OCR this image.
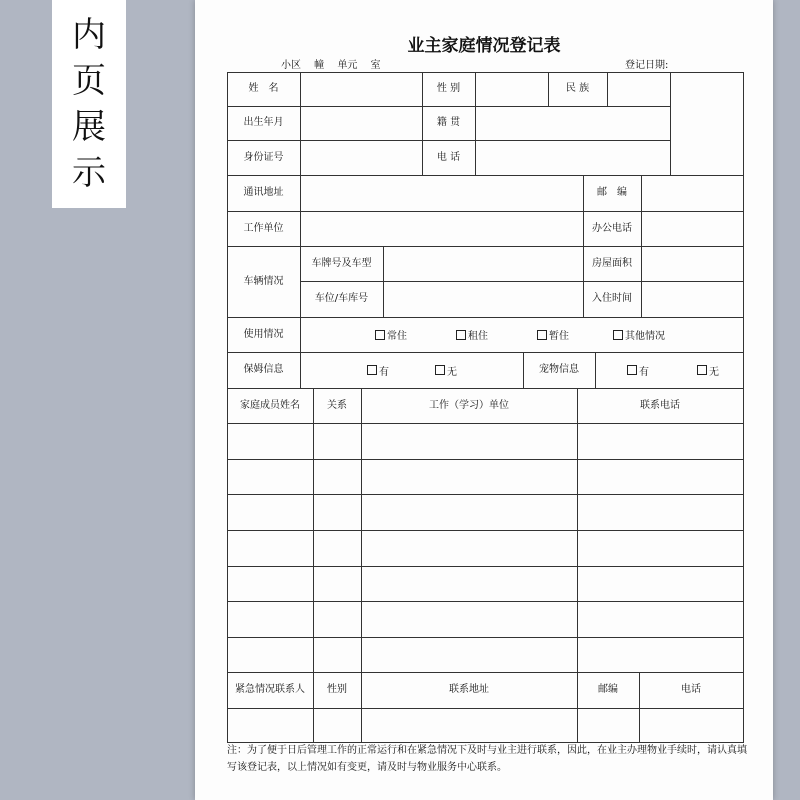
内
页
展
示
业主家庭情况登记表
小区　 幢　 单元　 室	登记日期:
姓　名	性 别	民 族
出生年月	籍 贯
身份证号	电 话
通讯地址	邮　编
工作单位	办公电话
车辆情况
车牌号及车型	房屋面积
车位/车库号	入住时间
使用情况	常住	租住	暂住	其他情况
保姆信息	有	无	宠物信息	有	无
家庭成员姓名	关系	工作（学习）单位	联系电话
紧急情况联系人	性别	联系地址	邮编	电话
注：为了便于日后管理工作的正常运行和在紧急情况下及时与业主进行联系，因此，在业主办理物业手续时，请认真填写该登记表，以上情况如有变更，请及时与物业服务中心联系。
